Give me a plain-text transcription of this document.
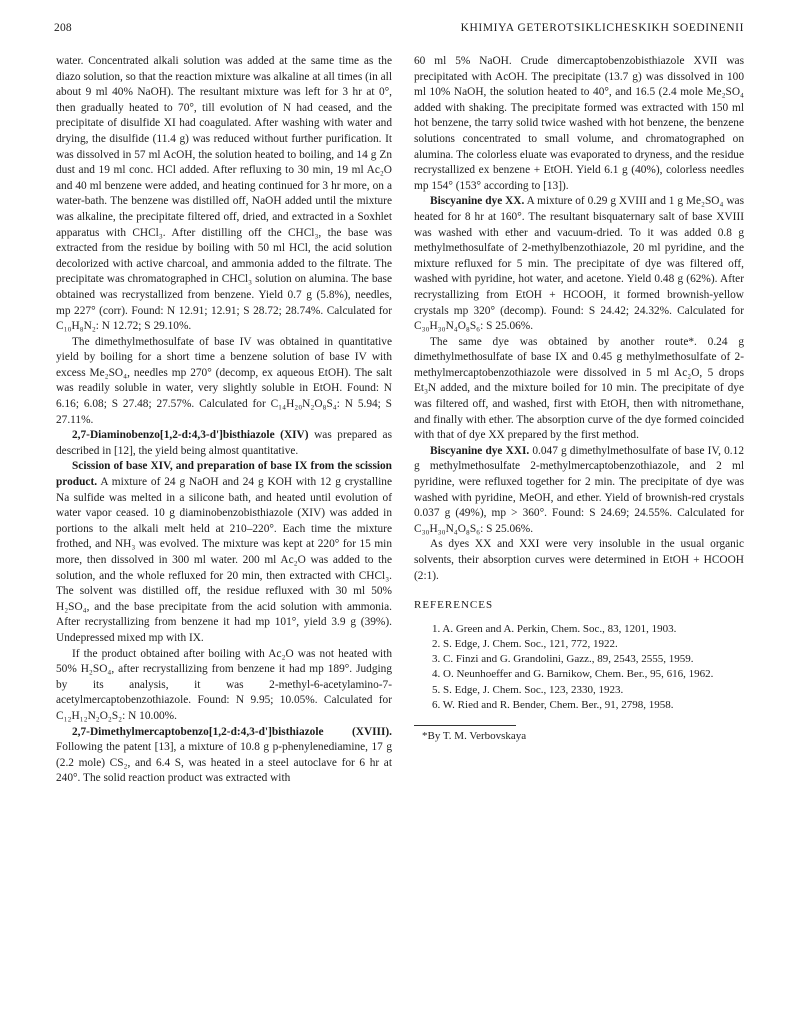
208	KHIMIYA GETEROTSIKLICHESKIKH SOEDINENII

water. Concentrated alkali solution was added at the same time as the diazo solution, so that the reaction mixture was alkaline at all times (in all about 9 ml 40% NaOH). The resultant mixture was left for 3 hr at 0°, then gradually heated to 70°, till evolution of N had ceased, and the precipitate of disulfide XI had coagulated. After washing with water and drying, the disulfide (11.4 g) was reduced without further purification. It was dissolved in 57 ml AcOH, the solution heated to boiling, and 14 g Zn dust and 19 ml conc. HCl added. After refluxing to 30 min, 19 ml Ac₂O and 40 ml benzene were added, and heating continued for 3 hr more, on a water-bath. The benzene was distilled off, NaOH added until the mixture was alkaline, the precipitate filtered off, dried, and extracted in a Soxhlet apparatus with CHCl₃. After distilling off the CHCl₃, the base was extracted from the residue by boiling with 50 ml HCl, the acid solution decolorized with active charcoal, and ammonia added to the filtrate. The precipitate was chromatographed in CHCl₃ solution on alumina. The base obtained was recrystallized from benzene. Yield 0.7 g (5.8%), needles, mp 227° (corr). Found: N 12.91; 12.91; S 28.72; 28.74%. Calculated for C₁₀H₈N₂: N 12.72; S 29.10%.

The dimethylmethosulfate of base IV was obtained in quantitative yield by boiling for a short time a benzene solution of base IV with excess Me₂SO₄, needles mp 270° (decomp, ex aqueous EtOH). The salt was readily soluble in water, very slightly soluble in EtOH. Found: N 6.16; 6.08; S 27.48; 27.57%. Calculated for C₁₄H₂₀N₂O₈S₄: N 5.94; S 27.11%.

2,7-Diaminobenzo[1,2-d:4,3-d']bisthiazole (XIV) was prepared as described in [12], the yield being almost quantitative.

Scission of base XIV, and preparation of base IX from the scission product. A mixture of 24 g NaOH and 24 g KOH with 12 g crystalline Na sulfide was melted in a silicone bath, and heated until evolution of water vapor ceased. 10 g diaminobenzobisthiazole (XIV) was added in portions to the alkali melt held at 210–220°. Each time the mixture frothed, and NH₃ was evolved. The mixture was kept at 220° for 15 min more, then dissolved in 300 ml water. 200 ml Ac₂O was added to the solution, and the whole refluxed for 20 min, then extracted with CHCl₃. The solvent was distilled off, the residue refluxed with 30 ml 50% H₂SO₄, and the base precipitate from the acid solution with ammonia. After recrystallizing from benzene it had mp 101°, yield 3.9 g (39%). Undepressed mixed mp with IX.

If the product obtained after boiling with Ac₂O was not heated with 50% H₂SO₄, after recrystallizing from benzene it had mp 189°. Judging by its analysis, it was 2-methyl-6-acetylamino-7-acetylmercaptobenzothiazole. Found: N 9.95; 10.05%. Calculated for C₁₂H₁₂N₂O₂S₂: N 10.00%.

2,7-Dimethylmercaptobenzo[1,2-d:4,3-d']bisthiazole (XVIII). Following the patent [13], a mixture of 10.8 g p-phenylenediamine, 17 g (2.2 mole) CS₂, and 6.4 S, was heated in a steel autoclave for 6 hr at 240°. The solid reaction product was extracted with

60 ml 5% NaOH. Crude dimercaptobenzobisthiazole XVII was precipitated with AcOH. The precipitate (13.7 g) was dissolved in 100 ml 10% NaOH, the solution heated to 40°, and 16.5 (2.4 mole Me₂SO₄ added with shaking. The precipitate formed was extracted with 150 ml hot benzene, the tarry solid twice washed with hot benzene, the benzene solutions concentrated to small volume, and chromatographed on alumina. The colorless eluate was evaporated to dryness, and the residue recrystallized ex benzene + EtOH. Yield 6.1 g (40%), colorless needles mp 154° (153° according to [13]).

Biscyanine dye XX. A mixture of 0.29 g XVIII and 1 g Me₂SO₄ was heated for 8 hr at 160°. The resultant bisquaternary salt of base XVIII was washed with ether and vacuum-dried. To it was added 0.8 g methylmethosulfate of 2-methylbenzothiazole, 20 ml pyridine, and the mixture refluxed for 5 min. The precipitate of dye was filtered off, washed with pyridine, hot water, and acetone. Yield 0.48 g (62%). After recrystallizing from EtOH + HCOOH, it formed brownish-yellow crystals mp 320° (decomp). Found: S 24.42; 24.32%. Calculated for C₃₀H₃₀N₄O₈S₆: S 25.06%.

The same dye was obtained by another route*. 0.24 g dimethylmethosulfate of base IX and 0.45 g methylmethosulfate of 2-methylmercaptobenzothiazole were dissolved in 5 ml Ac₂O, 5 drops Et₃N added, and the mixture boiled for 10 min. The precipitate of dye was filtered off, and washed, first with EtOH, then with nitromethane, and finally with ether. The absorption curve of the dye formed coincided with that of dye XX prepared by the first method.

Biscyanine dye XXI. 0.047 g dimethylmethosulfate of base IV, 0.12 g methylmethosulfate 2-methylmercaptobenzothiazole, and 2 ml pyridine, were refluxed together for 2 min. The precipitate of dye was washed with pyridine, MeOH, and ether. Yield of brownish-red crystals 0.037 g (49%), mp > 360°. Found: S 24.69; 24.55%. Calculated for C₃₀H₃₀N₄O₈S₆: S 25.06%.

As dyes XX and XXI were very insoluble in the usual organic solvents, their absorption curves were determined in EtOH + HCOOH (2:1).

REFERENCES

1. A. Green and A. Perkin, Chem. Soc., 83, 1201, 1903.

2. S. Edge, J. Chem. Soc., 121, 772, 1922.

3. C. Finzi and G. Grandolini, Gazz., 89, 2543, 2555, 1959.

4. O. Neunhoeffer and G. Barnikow, Chem. Ber., 95, 616, 1962.

5. S. Edge, J. Chem. Soc., 123, 2330, 1923.

6. W. Ried and R. Bender, Chem. Ber., 91, 2798, 1958.

*By T. M. Verbovskaya
